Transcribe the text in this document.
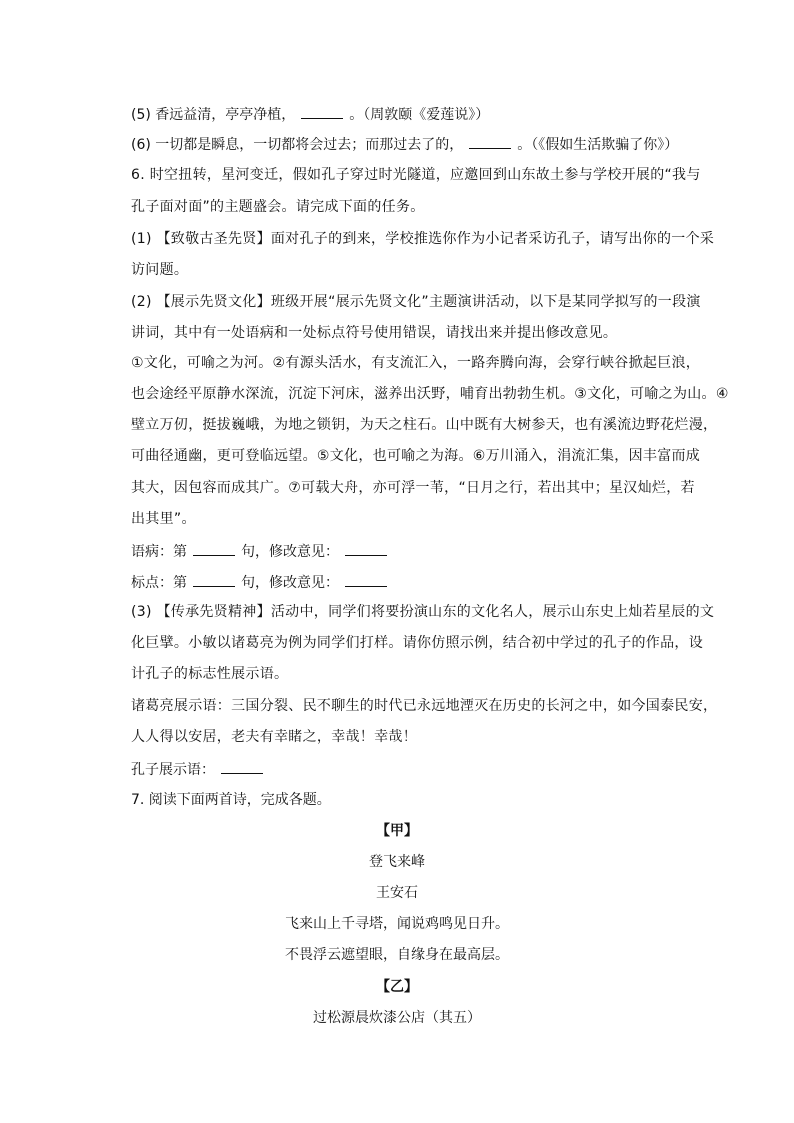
(5) 香远益清，亭亭净植，	。（周敦颐《爱莲说》）
(6) 一切都是瞬息，一切都将会过去；而那过去了的，	。（《假如生活欺骗了你》）
6. 时空扭转，星河变迁，假如孔子穿过时光隧道，应邀回到山东故土参与学校开展的“我与
孔子面对面”的主题盛会。请完成下面的任务。
(1) 【致敬古圣先贤】面对孔子的到来，学校推选你作为小记者采访孔子，请写出你的一个采
访问题。
(2) 【展示先贤文化】班级开展“展示先贤文化”主题演讲活动，以下是某同学拟写的一段演
讲词，其中有一处语病和一处标点符号使用错误，请找出来并提出修改意见。
①文化，可喻之为河。②有源头活水，有支流汇入，一路奔腾向海，会穿行峡谷掀起巨浪，
也会途经平原静水深流，沉淀下河床，滋养出沃野，哺育出勃勃生机。③文化，可喻之为山。④
壁立万仞，挺拔巍峨，为地之锁钥，为天之柱石。山中既有大树参天，也有溪流边野花烂漫，
可曲径通幽，更可登临远望。⑤文化，也可喻之为海。⑥万川涌入，涓流汇集，因丰富而成
其大，因包容而成其广。⑦可载大舟，亦可浮一苇，“日月之行，若出其中；星汉灿烂，若
出其里”。
语病：第	句，修改意见：
标点：第	句，修改意见：
(3) 【传承先贤精神】活动中，同学们将要扮演山东的文化名人，展示山东史上灿若星辰的文
化巨擘。小敏以诸葛亮为例为同学们打样。请你仿照示例，结合初中学过的孔子的作品，设
计孔子的标志性展示语。
诸葛亮展示语：三国分裂、民不聊生的时代已永远地湮灭在历史的长河之中，如今国泰民安，
人人得以安居，老夫有幸睹之，幸哉！幸哉！
孔子展示语：
7. 阅读下面两首诗，完成各题。
【甲】
登飞来峰
王安石
飞来山上千寻塔，闻说鸡鸣见日升。
不畏浮云遮望眼，自缘身在最高层。
【乙】
过松源晨炊漆公店（其五）
